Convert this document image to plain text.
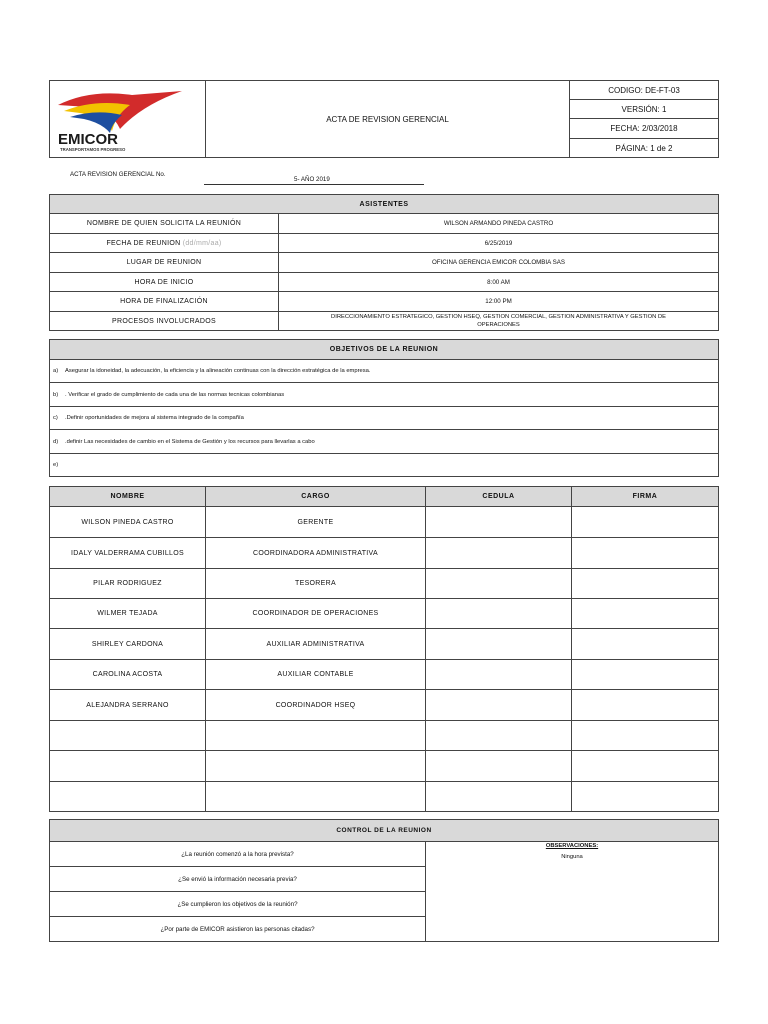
EMICOR
TRANSPORTAMOS PROGRESO
	ACTA DE REVISION GERENCIAL	CODIGO: DE-FT-03
VERSIÓN: 1
FECHA: 2/03/2018
PÁGINA: 1 de 2
ACTA REVISION GERENCIAL No.
5- AÑO 2019
ASISTENTES	
NOMBRE DE QUIEN SOLICITA LA REUNIÓN	WILSON ARMANDO PINEDA CASTRO
FECHA DE REUNION (dd/mm/aa)	6/25/2019
LUGAR DE REUNION	OFICINA GERENCIA EMICOR COLOMBIA SAS
HORA DE INICIO	8:00 AM
HORA DE FINALIZACIÓN	12:00 PM
PROCESOS INVOLUCRADOS	DIRECCIONAMIENTO ESTRATEGICO, GESTION HSEQ, GESTION COMERCIAL, GESTION ADMINISTRATIVA Y GESTION DE
OPERACIONES
OBJETIVOS DE LA REUNION
a) Asegurar la idoneidad, la adecuación, la eficiencia y la alineación continuas con la dirección estratégica de la empresa.
b) . Verificar el grado de cumplimiento de cada una de las normas tecnicas colombianas
c) .Definir oportunidades de mejora al sistema integrado de la compañía
d) .definir Las necesidades de cambio en el Sistema de Gestión y los recursos para llevarlas a cabo
e)
NOMBRE	CARGO	CEDULA	FIRMA
WILSON PINEDA CASTRO	GERENTE		
IDALY VALDERRAMA CUBILLOS	COORDINADORA ADMINISTRATIVA		
PILAR RODRIGUEZ	TESORERA		
WILMER TEJADA	COORDINADOR DE OPERACIONES		
SHIRLEY CARDONA	AUXILIAR ADMINISTRATIVA		
CAROLINA ACOSTA	AUXILIAR CONTABLE		
ALEJANDRA SERRANO	COORDINADOR HSEQ		

CONTROL DE LA REUNION
¿La reunión comenzó a la hora prevista?	
OBSERVACIONES:
Ninguna

¿Se envió la información necesaria previa?
¿Se cumplieron los objetivos de la reunión?
¿Por parte de EMICOR asistieron las personas citadas?
